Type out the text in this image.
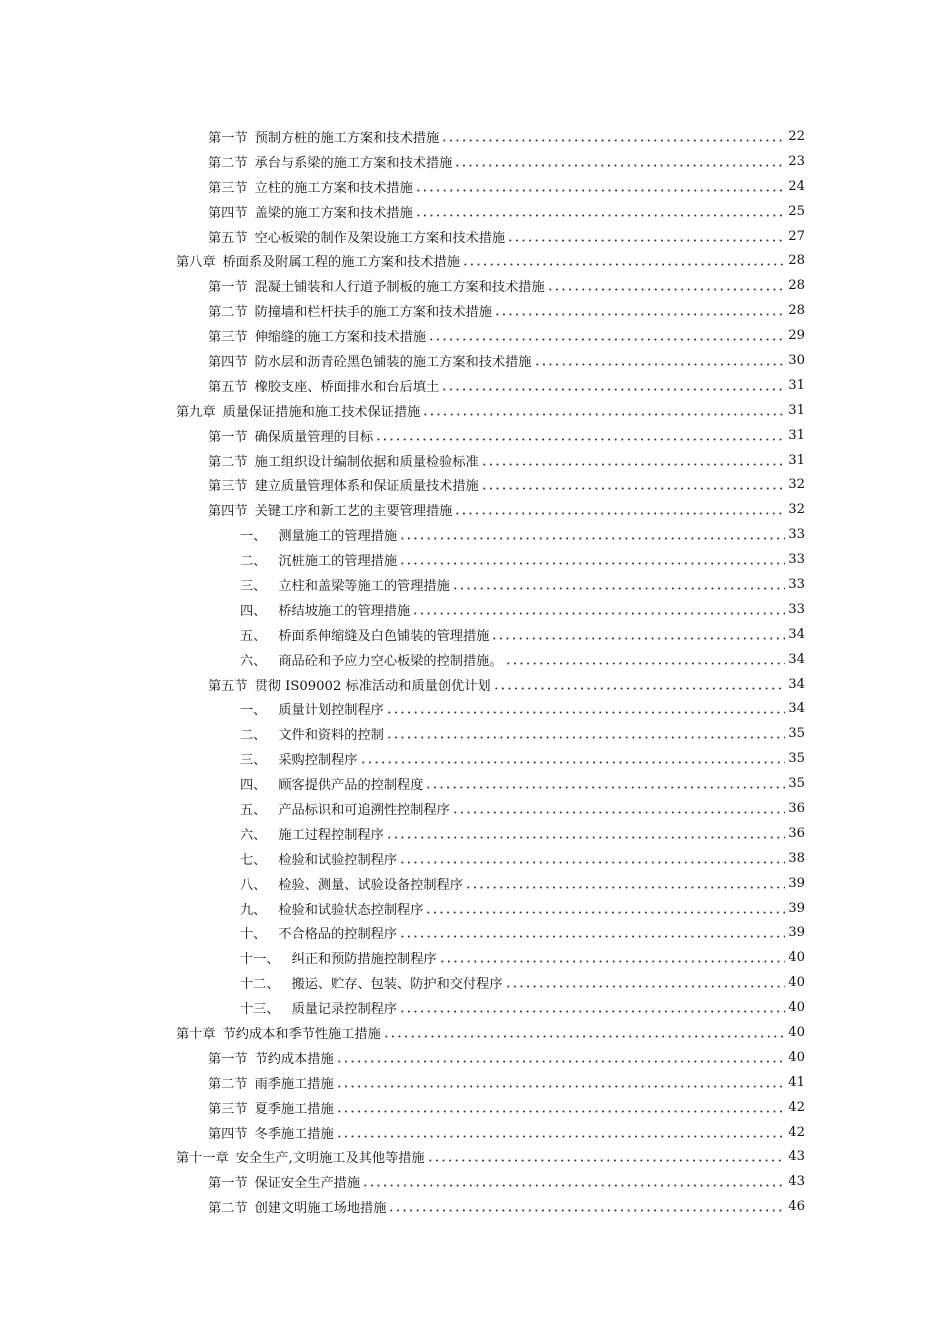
第一节 预制方桩的施工方案和技术措施	22
第二节 承台与系梁的施工方案和技术措施	23
第三节 立柱的施工方案和技术措施	24
第四节 盖梁的施工方案和技术措施	25
第五节 空心板梁的制作及架设施工方案和技术措施	27
第八章 桥面系及附属工程的施工方案和技术措施	28
第一节 混凝土铺装和人行道予制板的施工方案和技术措施	28
第二节 防撞墙和栏杆扶手的施工方案和技术措施	28
第三节 伸缩缝的施工方案和技术措施	29
第四节 防水层和沥青砼黑色铺装的施工方案和技术措施	30
第五节 橡胶支座、桥面排水和台后填土	31
第九章 质量保证措施和施工技术保证措施	31
第一节 确保质量管理的目标	31
第二节 施工组织设计编制依据和质量检验标准	31
第三节 建立质量管理体系和保证质量技术措施	32
第四节 关键工序和新工艺的主要管理措施	32
一、 测量施工的管理措施	33
二、 沉桩施工的管理措施	33
三、 立柱和盖梁等施工的管理措施	33
四、 桥结坡施工的管理措施	33
五、 桥面系伸缩缝及白色铺装的管理措施	34
六、 商品砼和予应力空心板梁的控制措施。	34
第五节 贯彻 IS09002 标准活动和质量创优计划	34
一、 质量计划控制程序	34
二、 文件和资料的控制	35
三、 采购控制程序	35
四、 顾客提供产品的控制程度	35
五、 产品标识和可追溯性控制程序	36
六、 施工过程控制程序	36
七、 检验和试验控制程序	38
八、 检验、测量、试验设备控制程序	39
九、 检验和试验状态控制程序	39
十、 不合格品的控制程序	39
十一、 纠正和预防措施控制程序	40
十二、 搬运、贮存、包装、防护和交付程序	40
十三、 质量记录控制程序	40
第十章 节约成本和季节性施工措施	40
第一节 节约成本措施	40
第二节 雨季施工措施	41
第三节 夏季施工措施	42
第四节 冬季施工措施	42
第十一章 安全生产,文明施工及其他等措施	43
第一节 保证安全生产措施	43
第二节 创建文明施工场地措施	46
